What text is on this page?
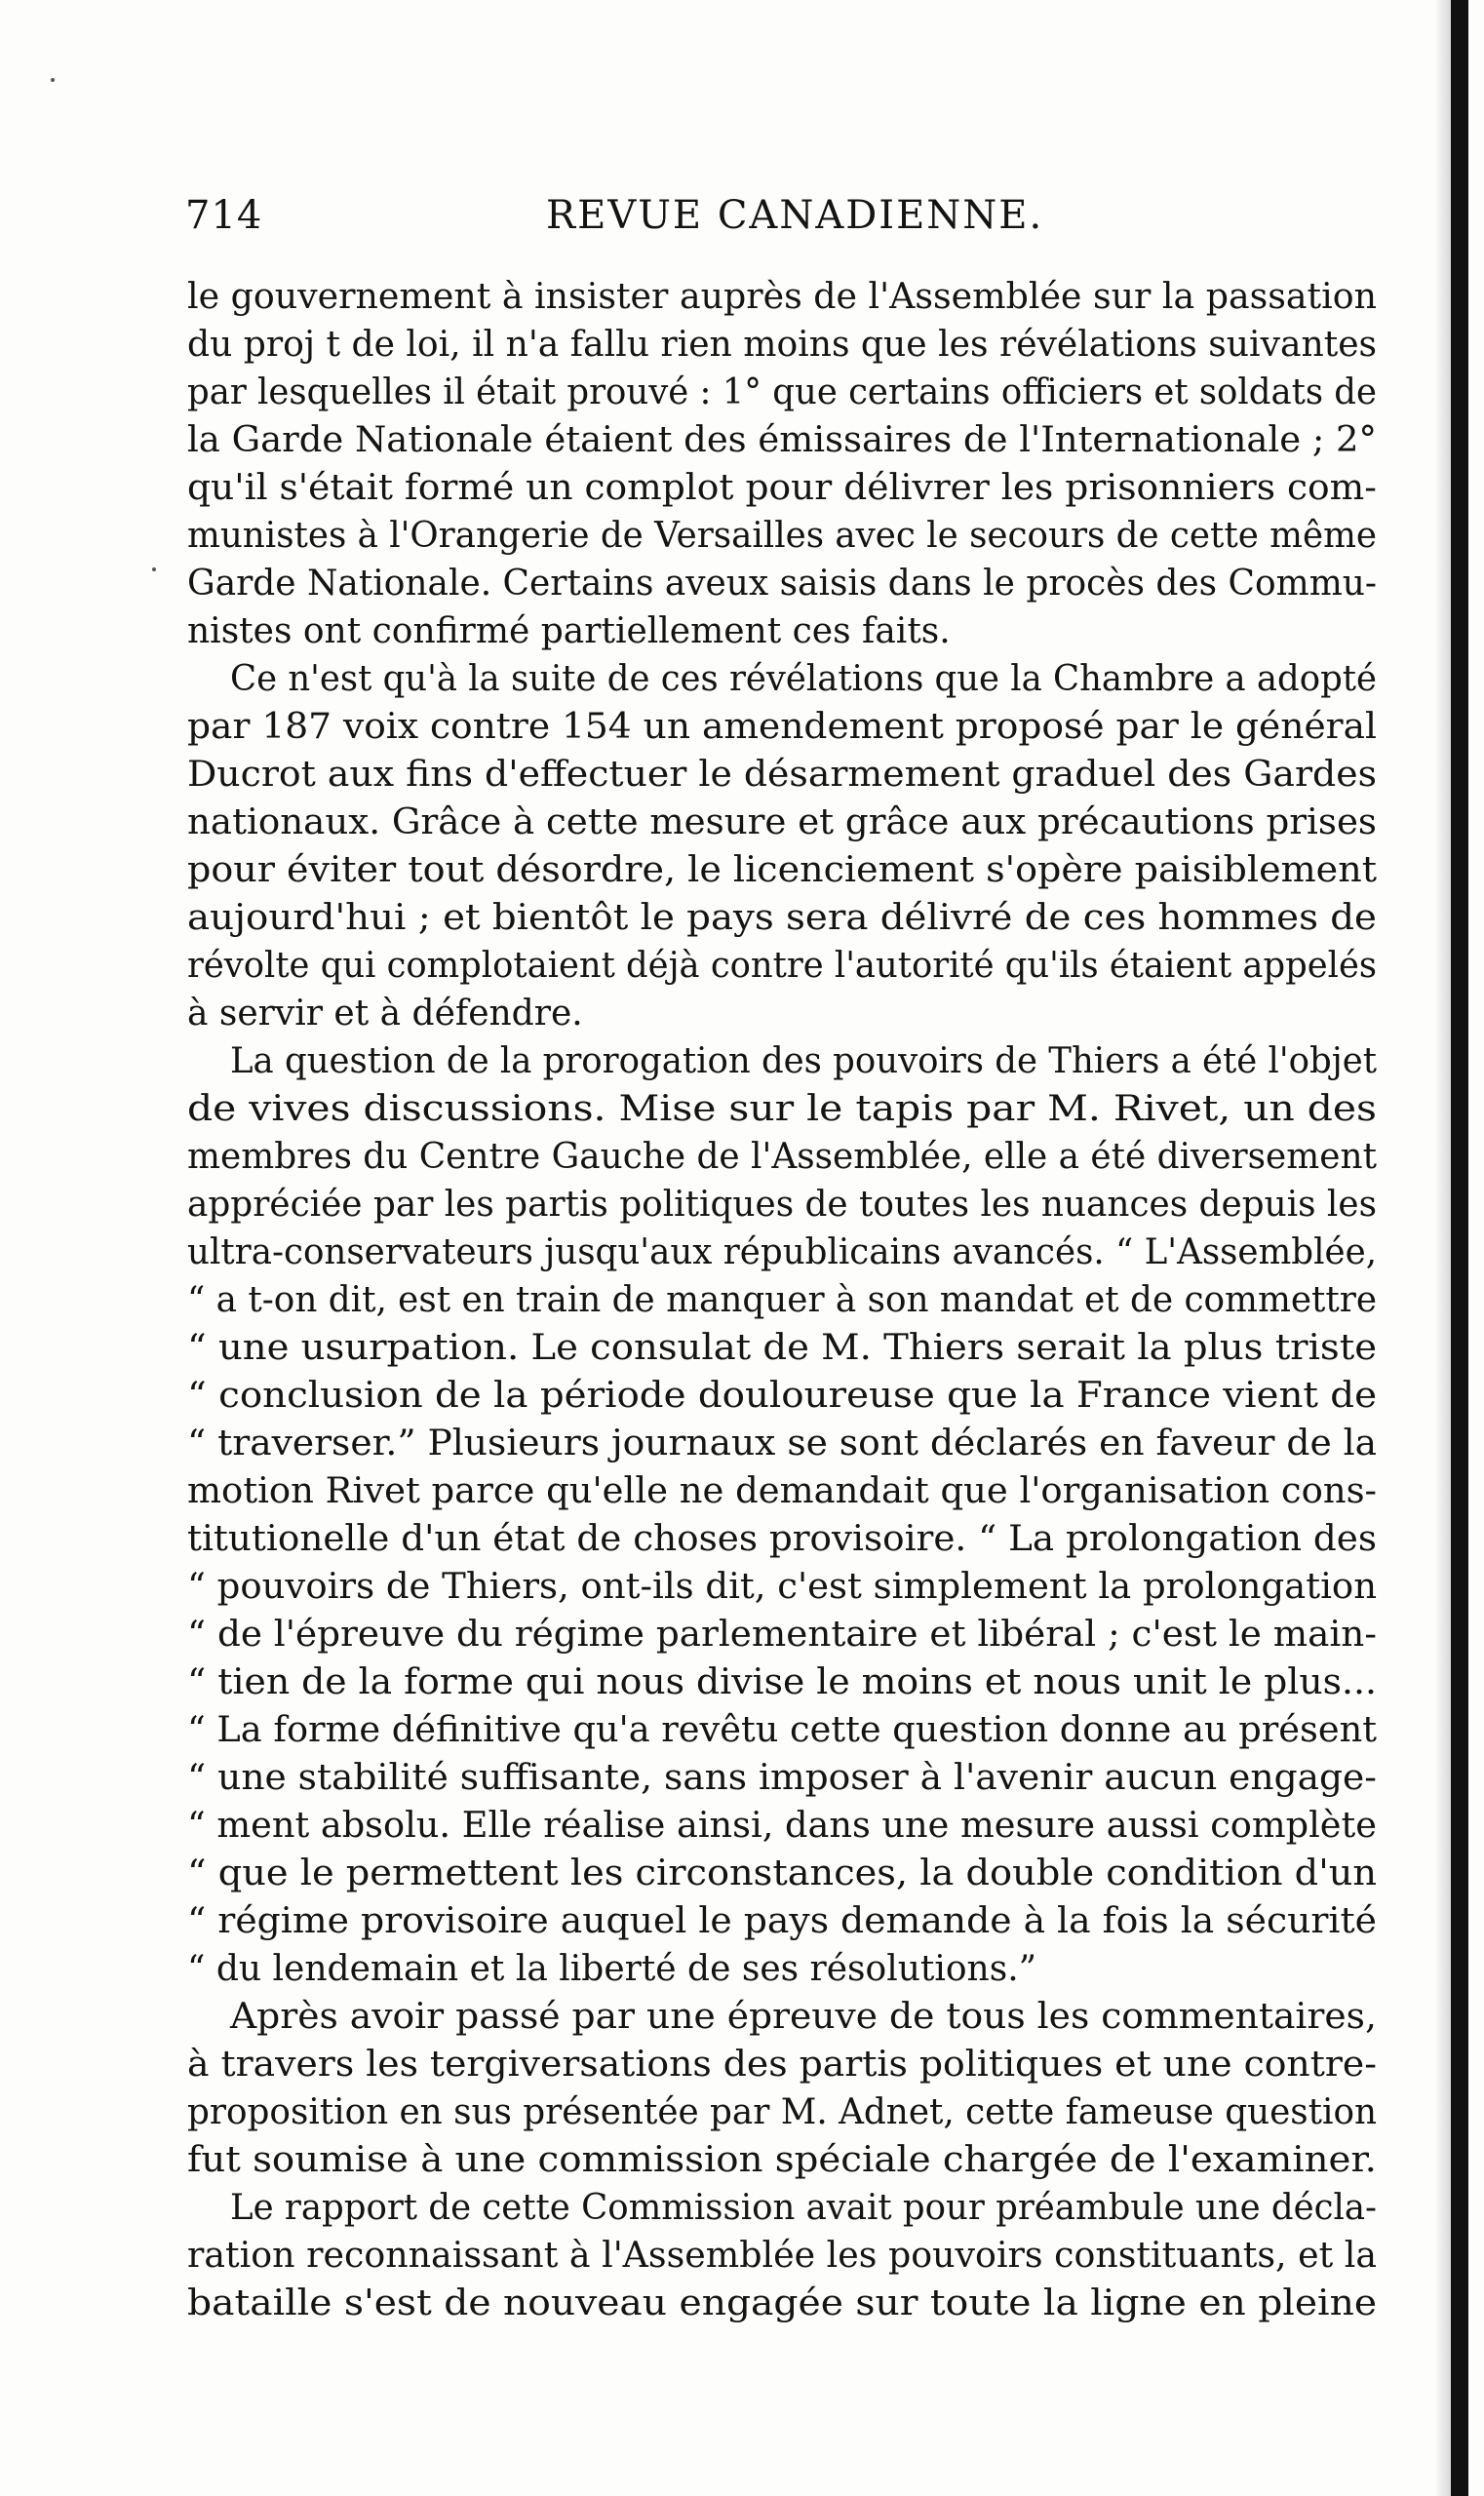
714	REVUE CANADIENNE.
le gouvernement à insister auprès de l'Assemblée sur la passation
du proj t de loi, il n'a fallu rien moins que les révélations suivantes
par lesquelles il était prouvé : 1° que certains officiers et soldats de
la Garde Nationale étaient des émissaires de l'Internationale ; 2°
qu'il s'était formé un complot pour délivrer les prisonniers com-
munistes à l'Orangerie de Versailles avec le secours de cette même
Garde Nationale. Certains aveux saisis dans le procès des Commu-
nistes ont confirmé partiellement ces faits.
Ce n'est qu'à la suite de ces révélations que la Chambre a adopté
par 187 voix contre 154 un amendement proposé par le général
Ducrot aux fins d'effectuer le désarmement graduel des Gardes
nationaux. Grâce à cette mesure et grâce aux précautions prises
pour éviter tout désordre, le licenciement s'opère paisiblement
aujourd'hui ; et bientôt le pays sera délivré de ces hommes de
révolte qui complotaient déjà contre l'autorité qu'ils étaient appelés
à servir et à défendre.
La question de la prorogation des pouvoirs de Thiers a été l'objet
de vives discussions. Mise sur le tapis par M. Rivet, un des
membres du Centre Gauche de l'Assemblée, elle a été diversement
appréciée par les partis politiques de toutes les nuances depuis les
ultra-conservateurs jusqu'aux républicains avancés. “ L'Assemblée,
“ a t-on dit, est en train de manquer à son mandat et de commettre
“ une usurpation. Le consulat de M. Thiers serait la plus triste
“ conclusion de la période douloureuse que la France vient de
“ traverser.” Plusieurs journaux se sont déclarés en faveur de la
motion Rivet parce qu'elle ne demandait que l'organisation cons-
titutionelle d'un état de choses provisoire. “ La prolongation des
“ pouvoirs de Thiers, ont-ils dit, c'est simplement la prolongation
“ de l'épreuve du régime parlementaire et libéral ; c'est le main-
“ tien de la forme qui nous divise le moins et nous unit le plus...
“ La forme définitive qu'a revêtu cette question donne au présent
“ une stabilité suffisante, sans imposer à l'avenir aucun engage-
“ ment absolu. Elle réalise ainsi, dans une mesure aussi complète
“ que le permettent les circonstances, la double condition d'un
“ régime provisoire auquel le pays demande à la fois la sécurité
“ du lendemain et la liberté de ses résolutions.”
Après avoir passé par une épreuve de tous les commentaires,
à travers les tergiversations des partis politiques et une contre-
proposition en sus présentée par M. Adnet, cette fameuse question
fut soumise à une commission spéciale chargée de l'examiner.
Le rapport de cette Commission avait pour préambule une décla-
ration reconnaissant à l'Assemblée les pouvoirs constituants, et la
bataille s'est de nouveau engagée sur toute la ligne en pleine
